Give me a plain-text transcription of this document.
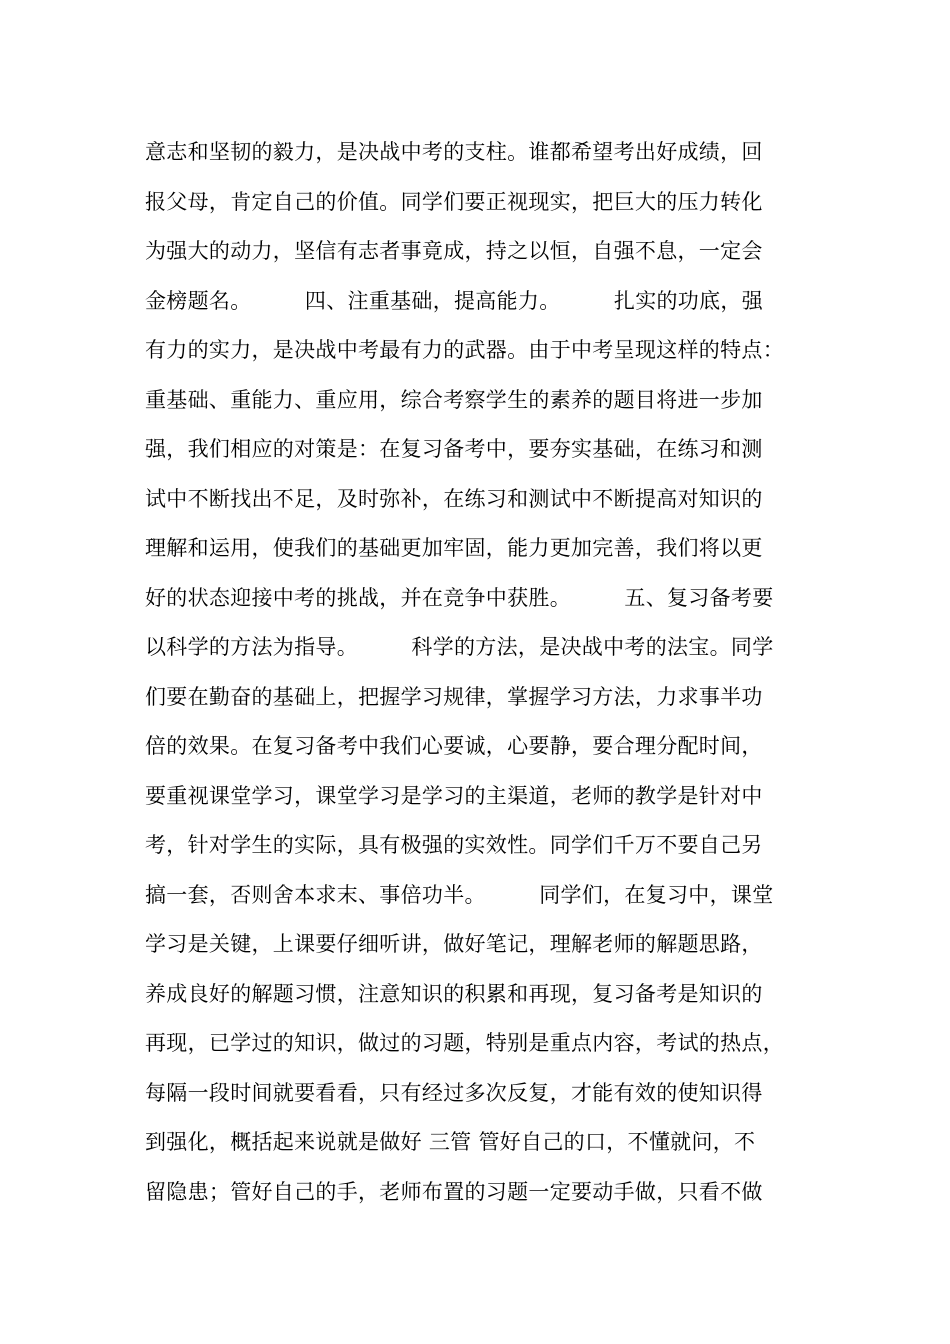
意志和坚韧的毅力，是决战中考的支柱。谁都希望考出好成绩，回
报父母，肯定自己的价值。同学们要正视现实，把巨大的压力转化
为强大的动力，坚信有志者事竟成，持之以恒，自强不息，一定会
金榜题名。　　　四、注重基础，提高能力。　　　扎实的功底，强
有力的实力，是决战中考最有力的武器。由于中考呈现这样的特点：
重基础、重能力、重应用，综合考察学生的素养的题目将进一步加
强，我们相应的对策是：在复习备考中，要夯实基础，在练习和测
试中不断找出不足，及时弥补，在练习和测试中不断提高对知识的
理解和运用，使我们的基础更加牢固，能力更加完善，我们将以更
好的状态迎接中考的挑战，并在竞争中获胜。　　　五、复习备考要
以科学的方法为指导。　　　科学的方法，是决战中考的法宝。同学
们要在勤奋的基础上，把握学习规律，掌握学习方法，力求事半功
倍的效果。在复习备考中我们心要诚，心要静，要合理分配时间，
要重视课堂学习，课堂学习是学习的主渠道，老师的教学是针对中
考，针对学生的实际，具有极强的实效性。同学们千万不要自己另
搞一套，否则舍本求末、事倍功半。　　　同学们，在复习中，课堂
学习是关键，上课要仔细听讲，做好笔记，理解老师的解题思路，
养成良好的解题习惯，注意知识的积累和再现，复习备考是知识的
再现，已学过的知识，做过的习题，特别是重点内容，考试的热点，
每隔一段时间就要看看，只有经过多次反复，才能有效的使知识得
到强化，概括起来说就是做好 三管 管好自己的口，不懂就问，不
留隐患；管好自己的手，老师布置的习题一定要动手做，只看不做
